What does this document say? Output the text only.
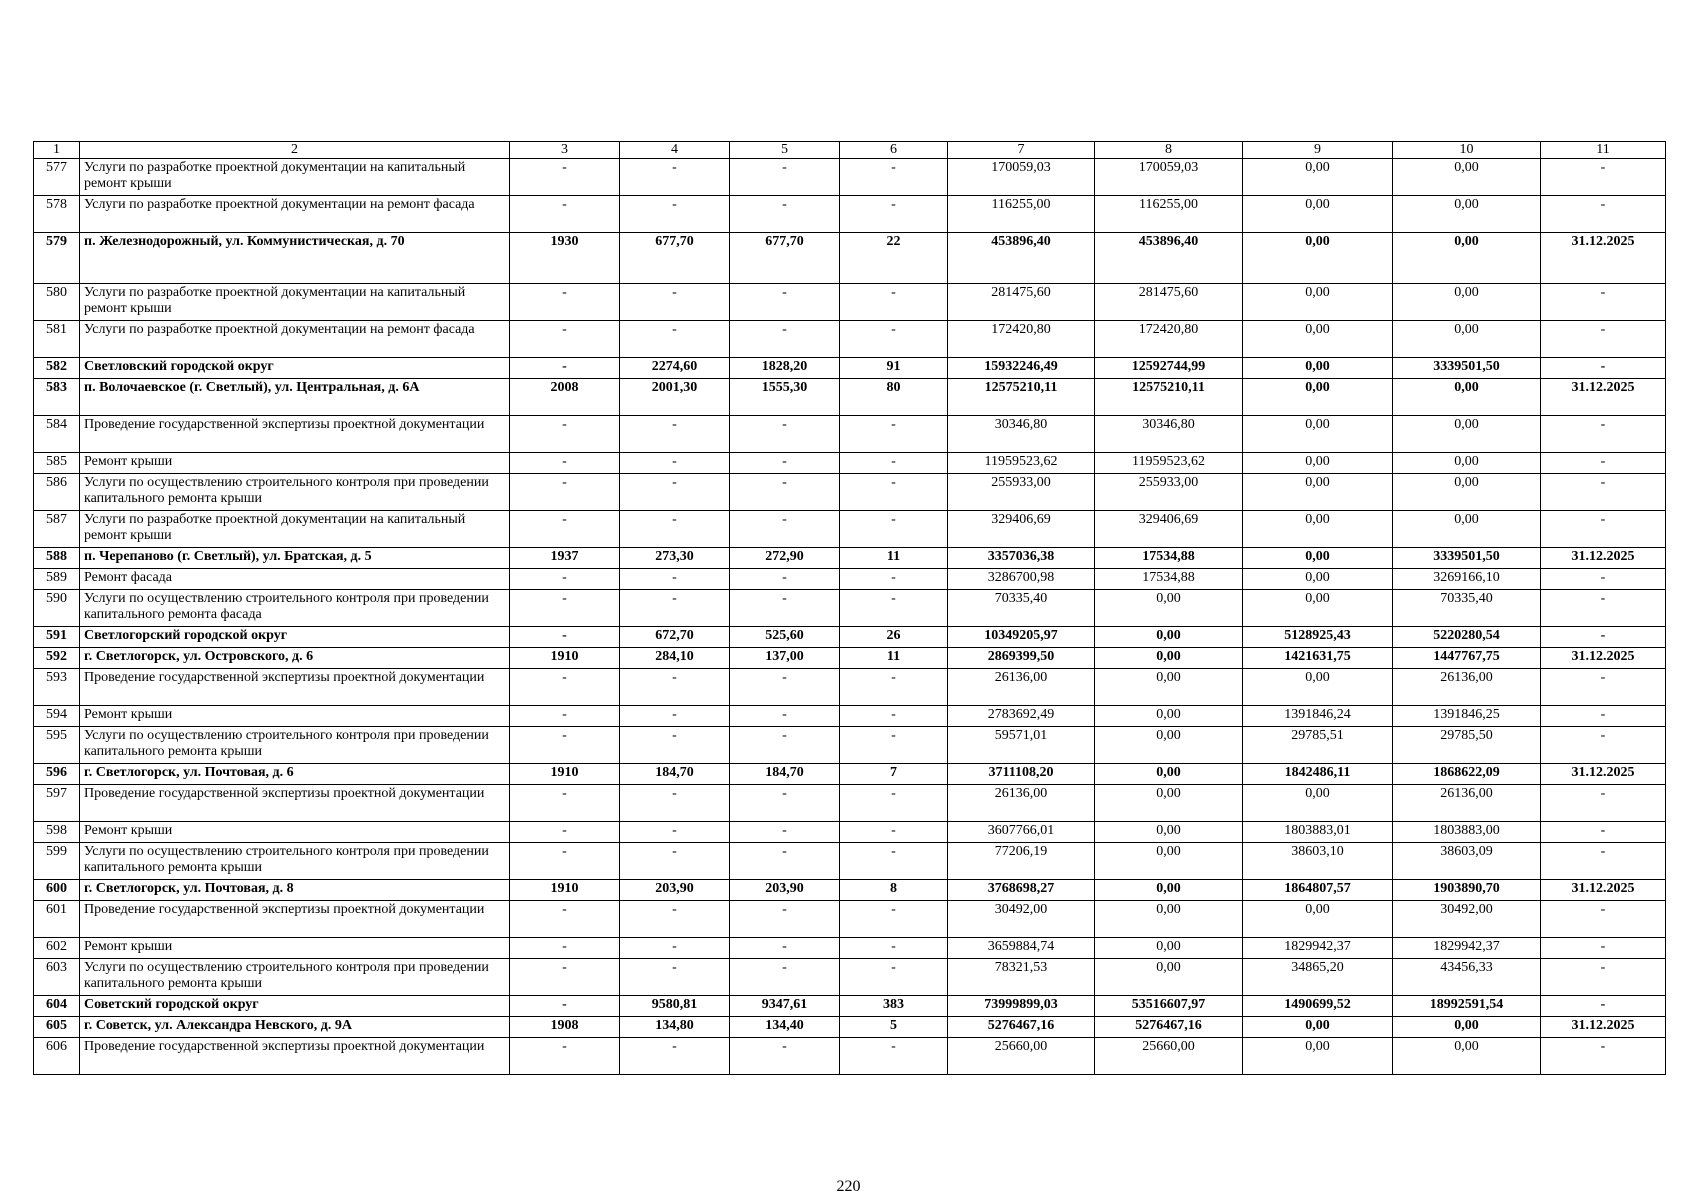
1	2	3	4	5	6	7	8	9	10	11
577	Услуги по разработке проектной документации на капитальный ремонт крыши	-	-	-	-	170059,03	170059,03	0,00	0,00	-
578	Услуги по разработке проектной документации на ремонт фасада	-	-	-	-	116255,00	116255,00	0,00	0,00	-
579	п. Железнодорожный, ул. Коммунистическая, д. 70	1930	677,70	677,70	22	453896,40	453896,40	0,00	0,00	31.12.2025
580	Услуги по разработке проектной документации на капитальный ремонт крыши	-	-	-	-	281475,60	281475,60	0,00	0,00	-
581	Услуги по разработке проектной документации на ремонт фасада	-	-	-	-	172420,80	172420,80	0,00	0,00	-
582	Светловский городской округ	-	2274,60	1828,20	91	15932246,49	12592744,99	0,00	3339501,50	-
583	п. Волочаевское (г. Светлый), ул. Центральная, д. 6А	2008	2001,30	1555,30	80	12575210,11	12575210,11	0,00	0,00	31.12.2025
584	Проведение государственной экспертизы проектной документации	-	-	-	-	30346,80	30346,80	0,00	0,00	-
585	Ремонт крыши	-	-	-	-	11959523,62	11959523,62	0,00	0,00	-
586	Услуги по осуществлению строительного контроля при проведении капитального ремонта крыши	-	-	-	-	255933,00	255933,00	0,00	0,00	-
587	Услуги по разработке проектной документации на капитальный ремонт крыши	-	-	-	-	329406,69	329406,69	0,00	0,00	-
588	п. Черепаново (г. Светлый), ул. Братская, д. 5	1937	273,30	272,90	11	3357036,38	17534,88	0,00	3339501,50	31.12.2025
589	Ремонт фасада	-	-	-	-	3286700,98	17534,88	0,00	3269166,10	-
590	Услуги по осуществлению строительного контроля при проведении капитального ремонта фасада	-	-	-	-	70335,40	0,00	0,00	70335,40	-
591	Светлогорский городской округ	-	672,70	525,60	26	10349205,97	0,00	5128925,43	5220280,54	-
592	г. Светлогорск, ул. Островского, д. 6	1910	284,10	137,00	11	2869399,50	0,00	1421631,75	1447767,75	31.12.2025
593	Проведение государственной экспертизы проектной документации	-	-	-	-	26136,00	0,00	0,00	26136,00	-
594	Ремонт крыши	-	-	-	-	2783692,49	0,00	1391846,24	1391846,25	-
595	Услуги по осуществлению строительного контроля при проведении капитального ремонта крыши	-	-	-	-	59571,01	0,00	29785,51	29785,50	-
596	г. Светлогорск, ул. Почтовая, д. 6	1910	184,70	184,70	7	3711108,20	0,00	1842486,11	1868622,09	31.12.2025
597	Проведение государственной экспертизы проектной документации	-	-	-	-	26136,00	0,00	0,00	26136,00	-
598	Ремонт крыши	-	-	-	-	3607766,01	0,00	1803883,01	1803883,00	-
599	Услуги по осуществлению строительного контроля при проведении капитального ремонта крыши	-	-	-	-	77206,19	0,00	38603,10	38603,09	-
600	г. Светлогорск, ул. Почтовая, д. 8	1910	203,90	203,90	8	3768698,27	0,00	1864807,57	1903890,70	31.12.2025
601	Проведение государственной экспертизы проектной документации	-	-	-	-	30492,00	0,00	0,00	30492,00	-
602	Ремонт крыши	-	-	-	-	3659884,74	0,00	1829942,37	1829942,37	-
603	Услуги по осуществлению строительного контроля при проведении капитального ремонта крыши	-	-	-	-	78321,53	0,00	34865,20	43456,33	-
604	Советский городской округ	-	9580,81	9347,61	383	73999899,03	53516607,97	1490699,52	18992591,54	-
605	г. Советск, ул. Александра Невского, д. 9А	1908	134,80	134,40	5	5276467,16	5276467,16	0,00	0,00	31.12.2025
606	Проведение государственной экспертизы проектной документации	-	-	-	-	25660,00	25660,00	0,00	0,00	-
220
